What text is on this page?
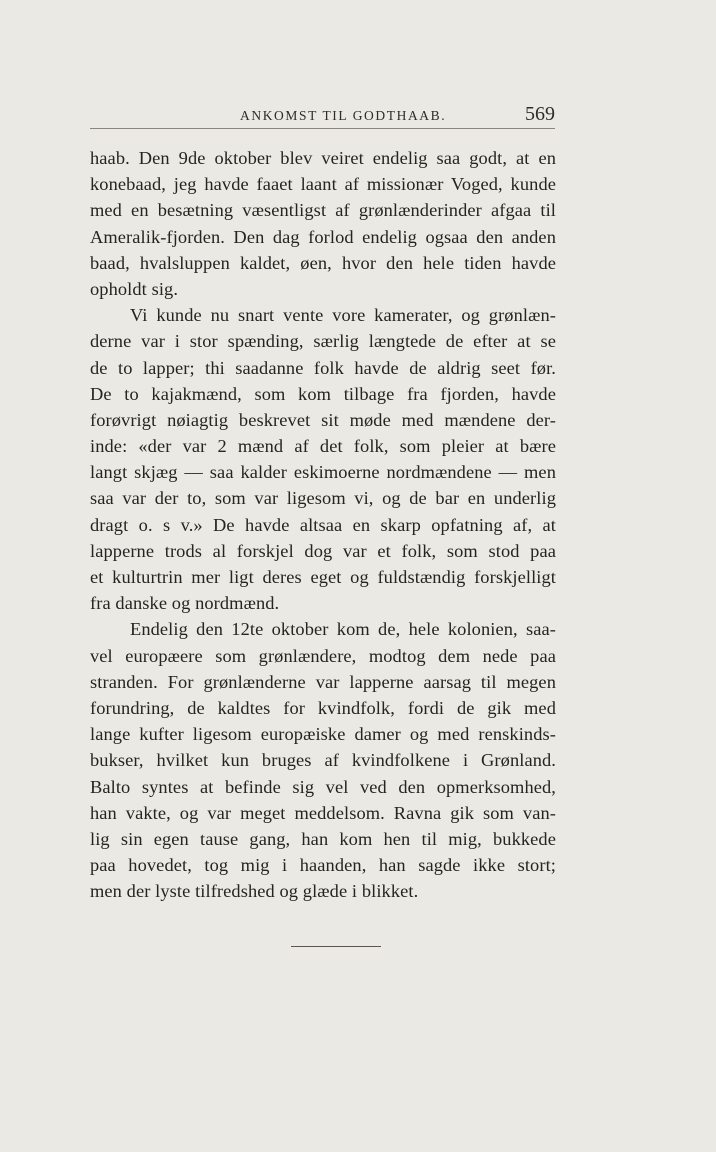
ANKOMST TIL GODTHAAB.	569
haab. Den 9de oktober blev veiret endelig saa godt, at en
konebaad, jeg havde faaet laant af missionær Voged, kunde
med en besætning væsentligst af grønlænderinder afgaa til
Ameralik-fjorden. Den dag forlod endelig ogsaa den anden
baad, hvalsluppen kaldet, øen, hvor den hele tiden havde
opholdt sig.
Vi kunde nu snart vente vore kamerater, og grønlæn-
derne var i stor spænding, særlig længtede de efter at se
de to lapper; thi saadanne folk havde de aldrig seet før.
De to kajakmænd, som kom tilbage fra fjorden, havde
forøvrigt nøiagtig beskrevet sit møde med mændene der-
inde: «der var 2 mænd af det folk, som pleier at bære
langt skjæg — saa kalder eskimoerne nordmændene — men
saa var der to, som var ligesom vi, og de bar en underlig
dragt o. s v.» De havde altsaa en skarp opfatning af, at
lapperne trods al forskjel dog var et folk, som stod paa
et kulturtrin mer ligt deres eget og fuldstændig forskjelligt
fra danske og nordmænd.
Endelig den 12te oktober kom de, hele kolonien, saa-
vel europæere som grønlændere, modtog dem nede paa
stranden. For grønlænderne var lapperne aarsag til megen
forundring, de kaldtes for kvindfolk, fordi de gik med
lange kufter ligesom europæiske damer og med renskinds-
bukser, hvilket kun bruges af kvindfolkene i Grønland.
Balto syntes at befinde sig vel ved den opmerksomhed,
han vakte, og var meget meddelsom. Ravna gik som van-
lig sin egen tause gang, han kom hen til mig, bukkede
paa hovedet, tog mig i haanden, han sagde ikke stort;
men der lyste tilfredshed og glæde i blikket.
